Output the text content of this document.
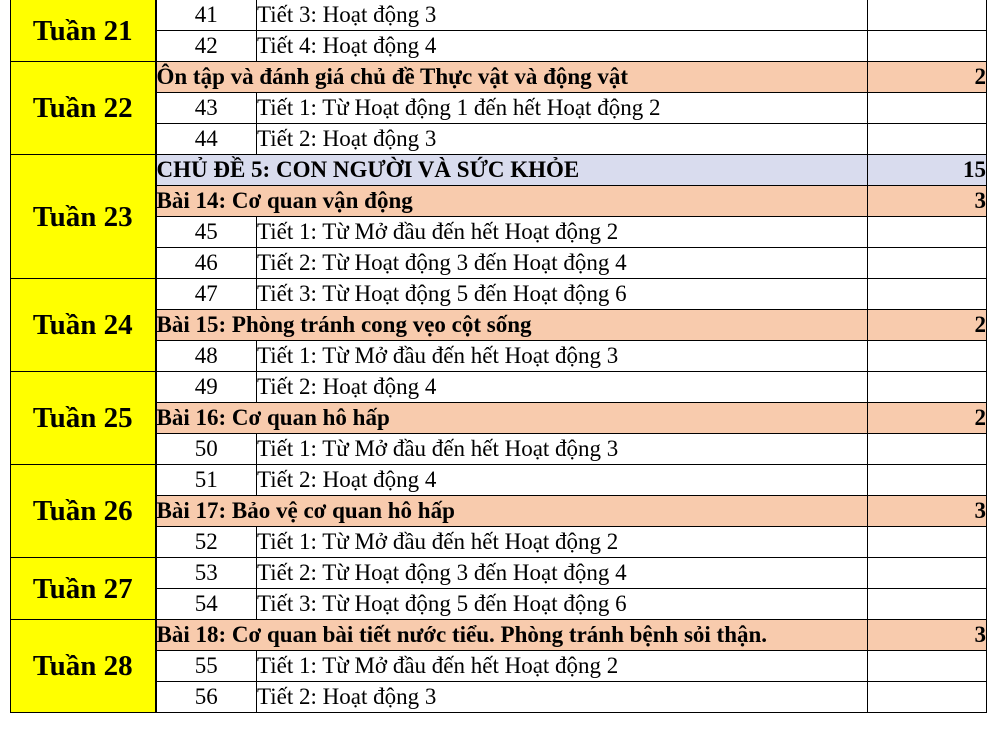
Tuần 21	41	Tiết 3: Hoạt động 3	
	42	Tiết 4: Hoạt động 4	
Tuần 22	Ôn tập và đánh giá chủ đề Thực vật và động vật		2
	43	Tiết 1: Từ Hoạt động 1 đến hết Hoạt động 2	
	44	Tiết 2: Hoạt động 3	
Tuần 23	CHỦ ĐỀ 5: CON NGƯỜI VÀ SỨC KHỎE		15
	Bài 14: Cơ quan vận động		3
	45	Tiết 1: Từ Mở đầu đến hết Hoạt động 2	
	46	Tiết 2: Từ Hoạt động 3 đến Hoạt động 4	
Tuần 24	47	Tiết 3: Từ Hoạt động 5 đến Hoạt động 6	
	Bài 15: Phòng tránh cong vẹo cột sống		2
	48	Tiết 1: Từ Mở đầu đến hết Hoạt động 3	
Tuần 25	49	Tiết 2: Hoạt động 4	
	Bài 16: Cơ quan hô hấp		2
	50	Tiết 1: Từ Mở đầu đến hết Hoạt động 3	
Tuần 26	51	Tiết 2: Hoạt động 4	
	Bài 17: Bảo vệ cơ quan hô hấp		3
	52	Tiết 1: Từ Mở đầu đến hết Hoạt động 2	
Tuần 27	53	Tiết 2: Từ Hoạt động 3 đến Hoạt động 4	
	54	Tiết 3: Từ Hoạt động 5 đến Hoạt động 6	
Tuần 28	Bài 18: Cơ quan bài tiết nước tiểu. Phòng tránh bệnh sỏi thận.		3
	55	Tiết 1: Từ Mở đầu đến hết Hoạt động 2	
	56	Tiết 2: Hoạt động 3	
